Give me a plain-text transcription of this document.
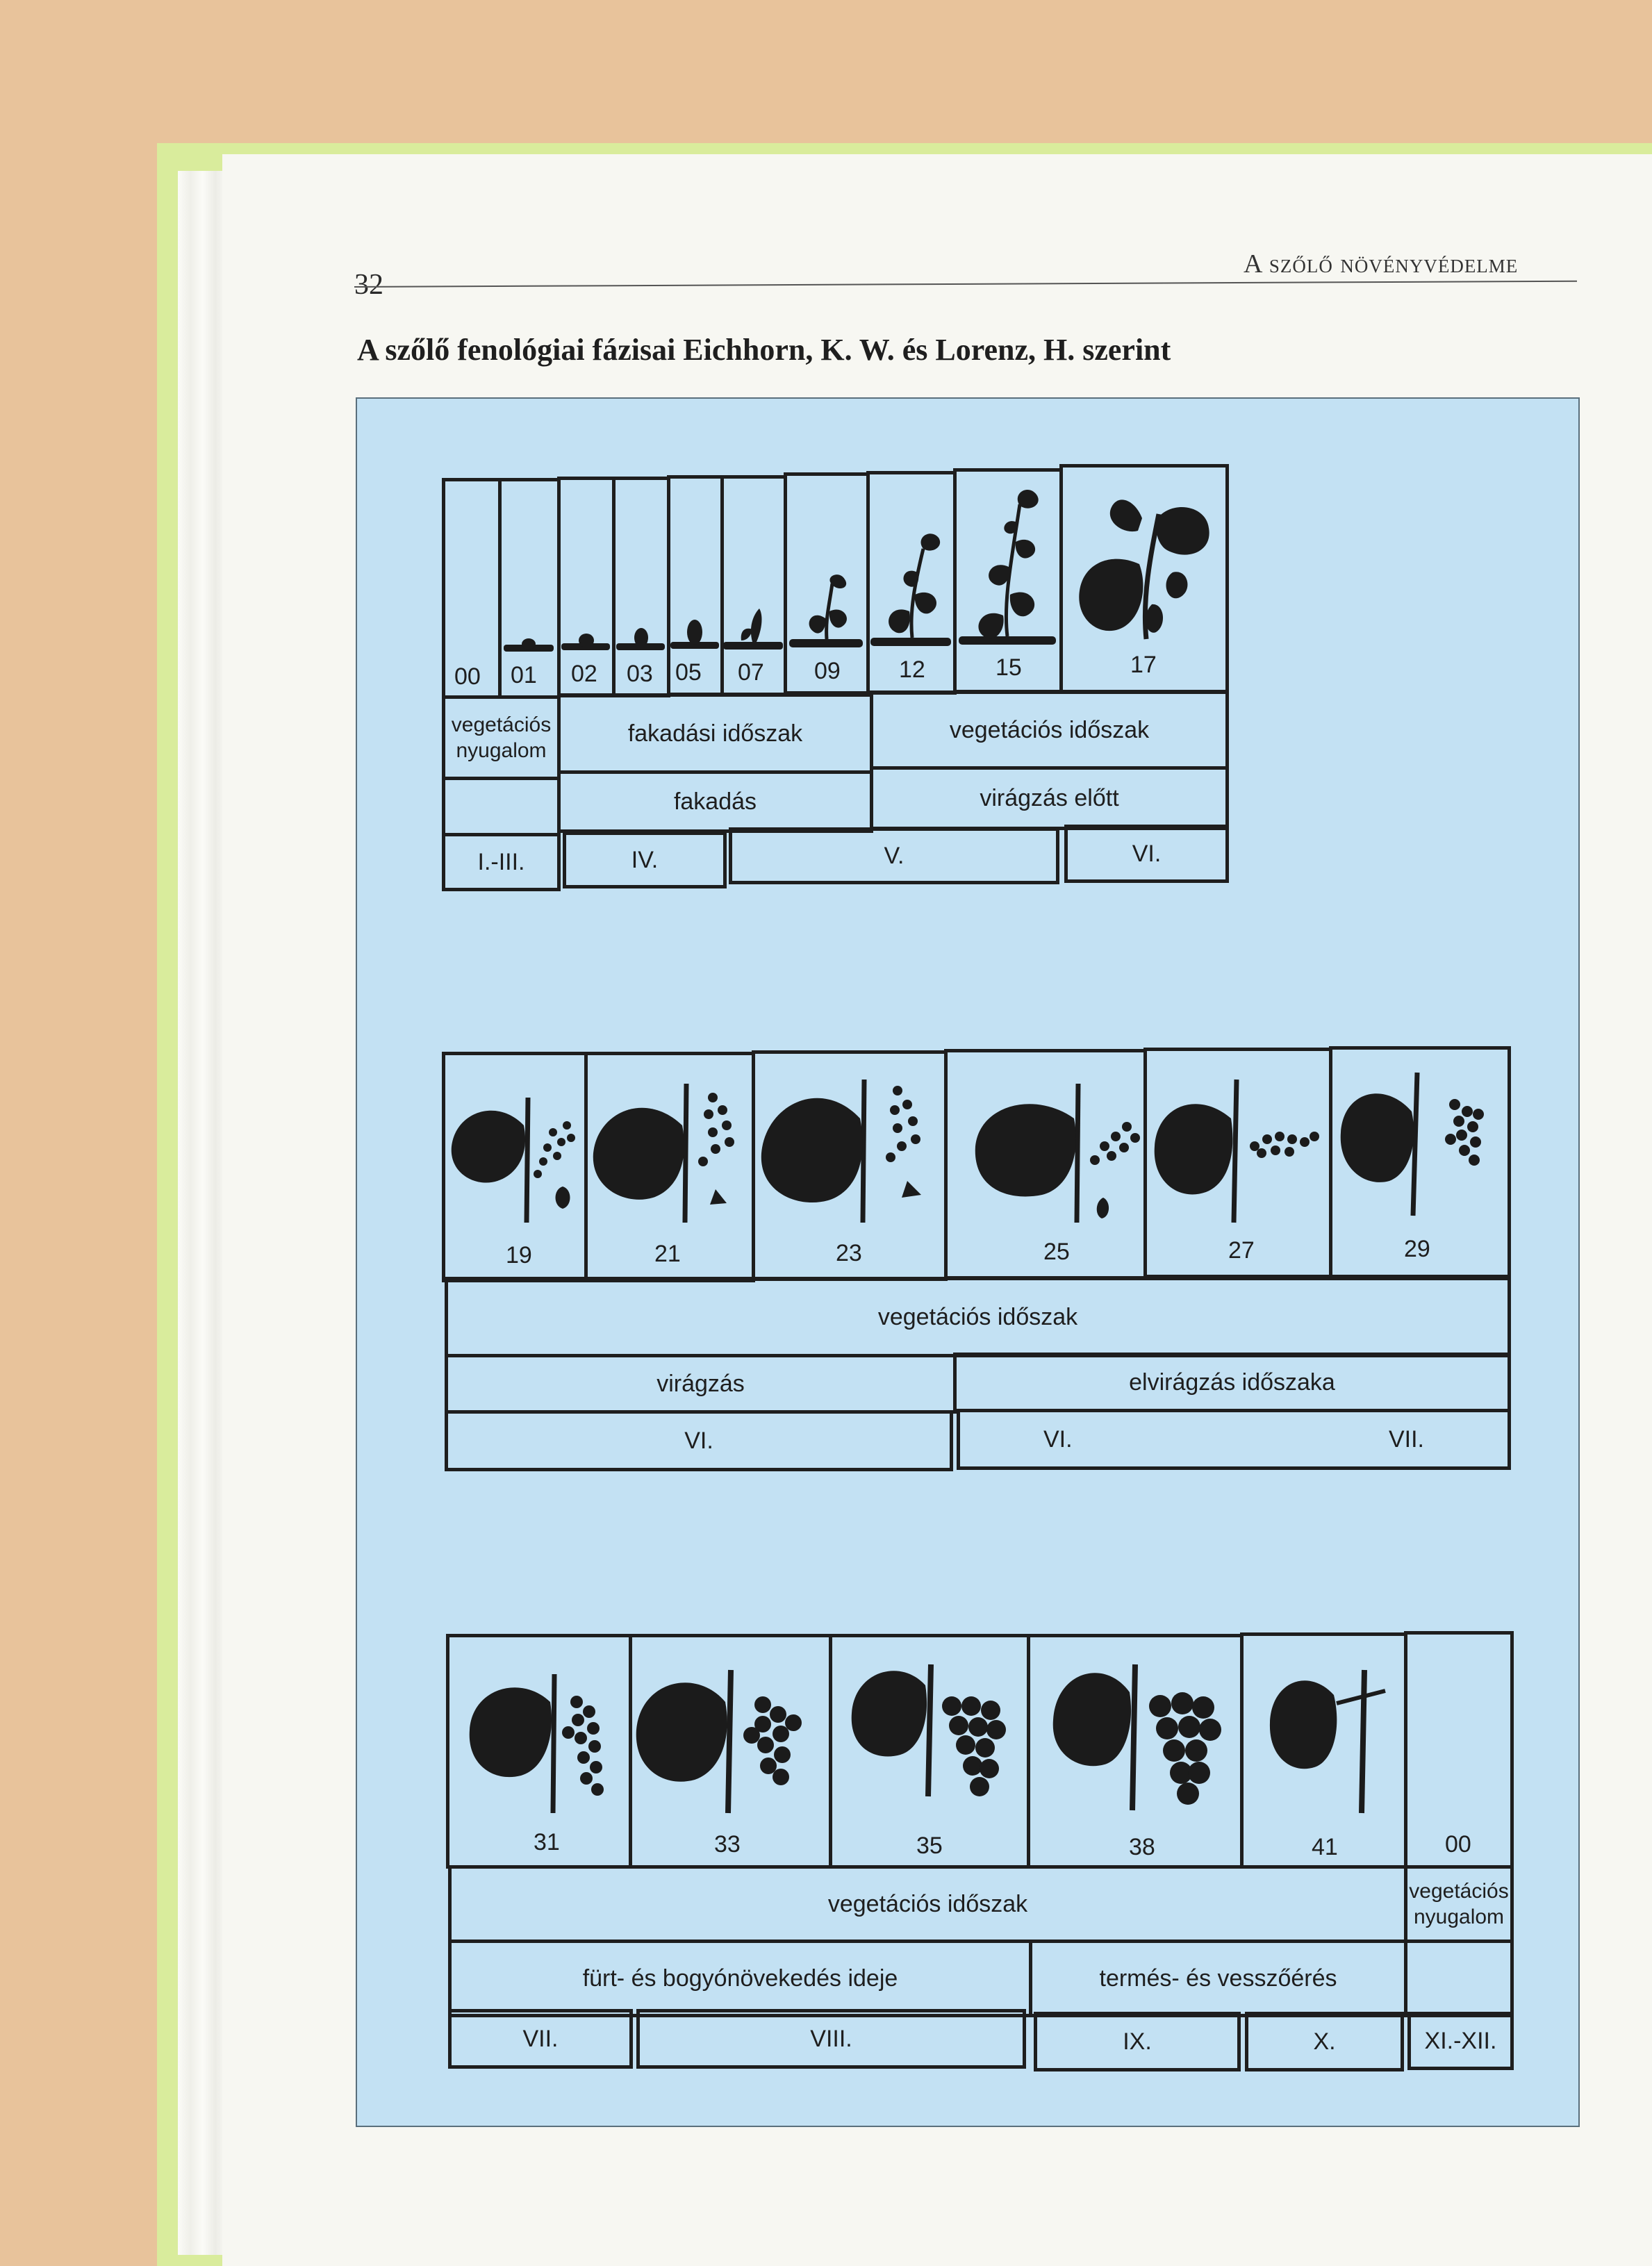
32
A szőlő növényvédelme
A szőlő fenológiai fázisai Eichhorn, K. W. és Lorenz, H. szerint
00 01 02 03 05 07 09 12	15	17
vegetációs nyugalom
fakadási időszak	vegetációs időszak
fakadás	virágzás előtt
I.-III.	IV.	V.	VI.
19	21	23	25	27	29
vegetációs időszak
virágzás	elvirágzás időszaka
VI.	VI.	VII.
31	33	35	38	41	00
vegetációs időszak	vegetációs nyugalom
fürt- és bogyónövekedés ideje	termés- és vesszőérés
VII.	VIII.	IX.	X.	XI.-XII.
